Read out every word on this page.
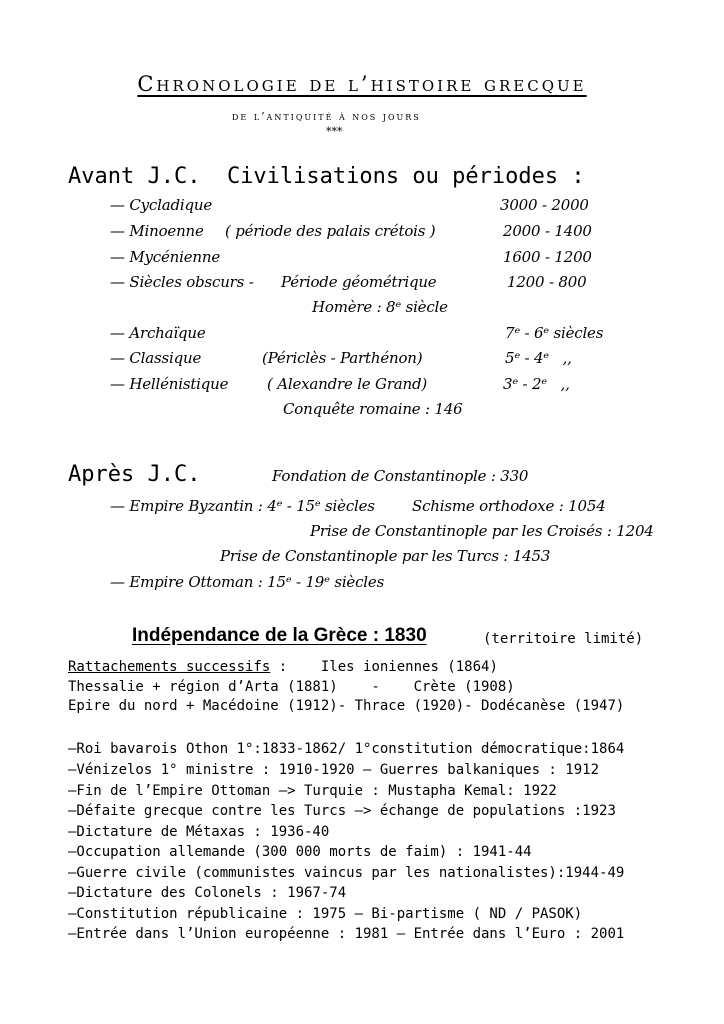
Chronologie de l’histoire grecque
de l’antiquité à nos jours
***
Avant J.C.  Civilisations ou périodes :
— Cycladique	3000 - 2000
— Minoenne ( période des palais crétois )	2000 - 1400
— Mycénienne	1600 - 1200
— Siècles obscurs - Période géométrique	1200 - 800
Homère : 8ᵉ siècle
— Archaïque	7ᵉ - 6ᵉ siècles
— Classique	(Périclès - Parthénon)	5ᵉ - 4ᵉ   ,,
— Hellénistique	( Alexandre le Grand)	3ᵉ - 2ᵉ   ,,
Conquête romaine : 146
Après J.C.	Fondation de Constantinople : 330
— Empire Byzantin : 4ᵉ - 15ᵉ siècles Schisme orthodoxe : 1054
Prise de Constantinople par les Croisés : 1204
Prise de Constantinople par les Turcs : 1453
— Empire Ottoman : 15ᵉ - 19ᵉ siècles
Indépendance de la Grèce : 1830	(territoire limité)
Rattachements successifs :    Iles ioniennes (1864)
Thessalie + région d’Arta (1881)    -    Crète (1908)
Epire du nord + Macédoine (1912)- Thrace (1920)- Dodécanèse (1947)
–Roi bavarois Othon 1°:1833-1862/ 1°constitution démocratique:1864
–Vénizelos 1° ministre : 1910-1920 – Guerres balkaniques : 1912
–Fin de l’Empire Ottoman –> Turquie : Mustapha Kemal: 1922
–Défaite grecque contre les Turcs –> échange de populations :1923
–Dictature de Métaxas : 1936-40
–Occupation allemande (300 000 morts de faim) : 1941-44
–Guerre civile (communistes vaincus par les nationalistes):1944-49
–Dictature des Colonels : 1967-74
–Constitution républicaine : 1975 – Bi-partisme ( ND / PASOK)
–Entrée dans l’Union européenne : 1981 – Entrée dans l’Euro : 2001
